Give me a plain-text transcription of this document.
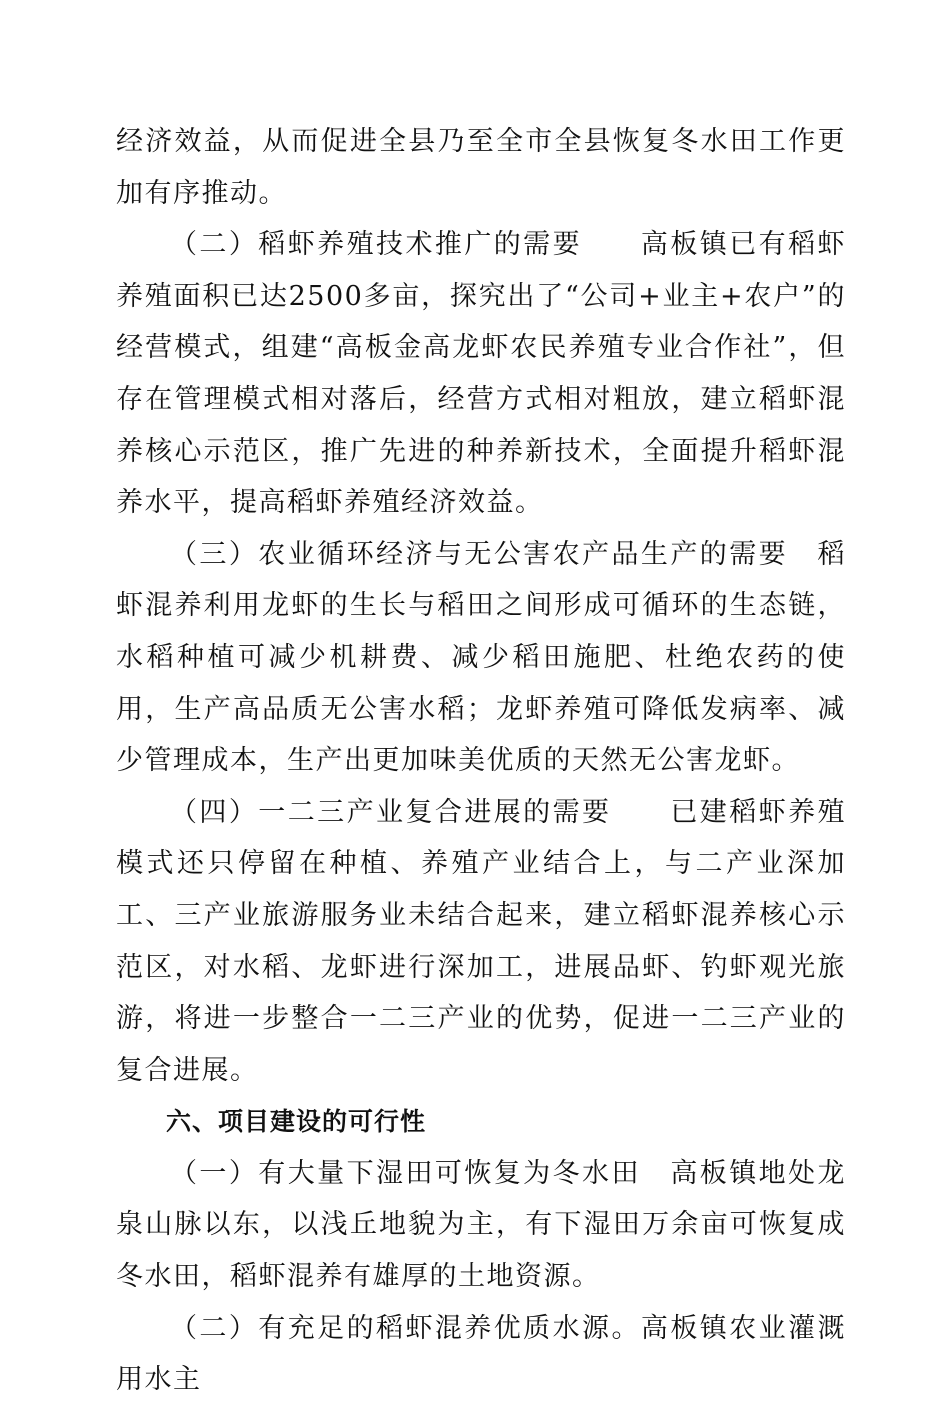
经济效益，从而促进全县乃至全市全县恢复冬水田工作更加有序推动。

（二）稻虾养殖技术推广的需要　　高板镇已有稻虾养殖面积已达2500多亩，探究出了“公司+业主+农户”的经营模式，组建“高板金高龙虾农民养殖专业合作社”，但存在管理模式相对落后，经营方式相对粗放，建立稻虾混养核心示范区，推广先进的种养新技术，全面提升稻虾混养水平，提高稻虾养殖经济效益。

（三）农业循环经济与无公害农产品生产的需要　稻虾混养利用龙虾的生长与稻田之间形成可循环的生态链，水稻种植可减少机耕费、减少稻田施肥、杜绝农药的使用，生产高品质无公害水稻；龙虾养殖可降低发病率、减少管理成本，生产出更加味美优质的天然无公害龙虾。

（四）一二三产业复合进展的需要　　已建稻虾养殖模式还只停留在种植、养殖产业结合上，与二产业深加工、三产业旅游服务业未结合起来，建立稻虾混养核心示范区，对水稻、龙虾进行深加工，进展品虾、钓虾观光旅游，将进一步整合一二三产业的优势，促进一二三产业的复合进展。

六、项目建设的可行性

（一）有大量下湿田可恢复为冬水田　高板镇地处龙泉山脉以东，以浅丘地貌为主，有下湿田万余亩可恢复成冬水田，稻虾混养有雄厚的土地资源。

（二）有充足的稻虾混养优质水源。高板镇农业灌溉用水主
